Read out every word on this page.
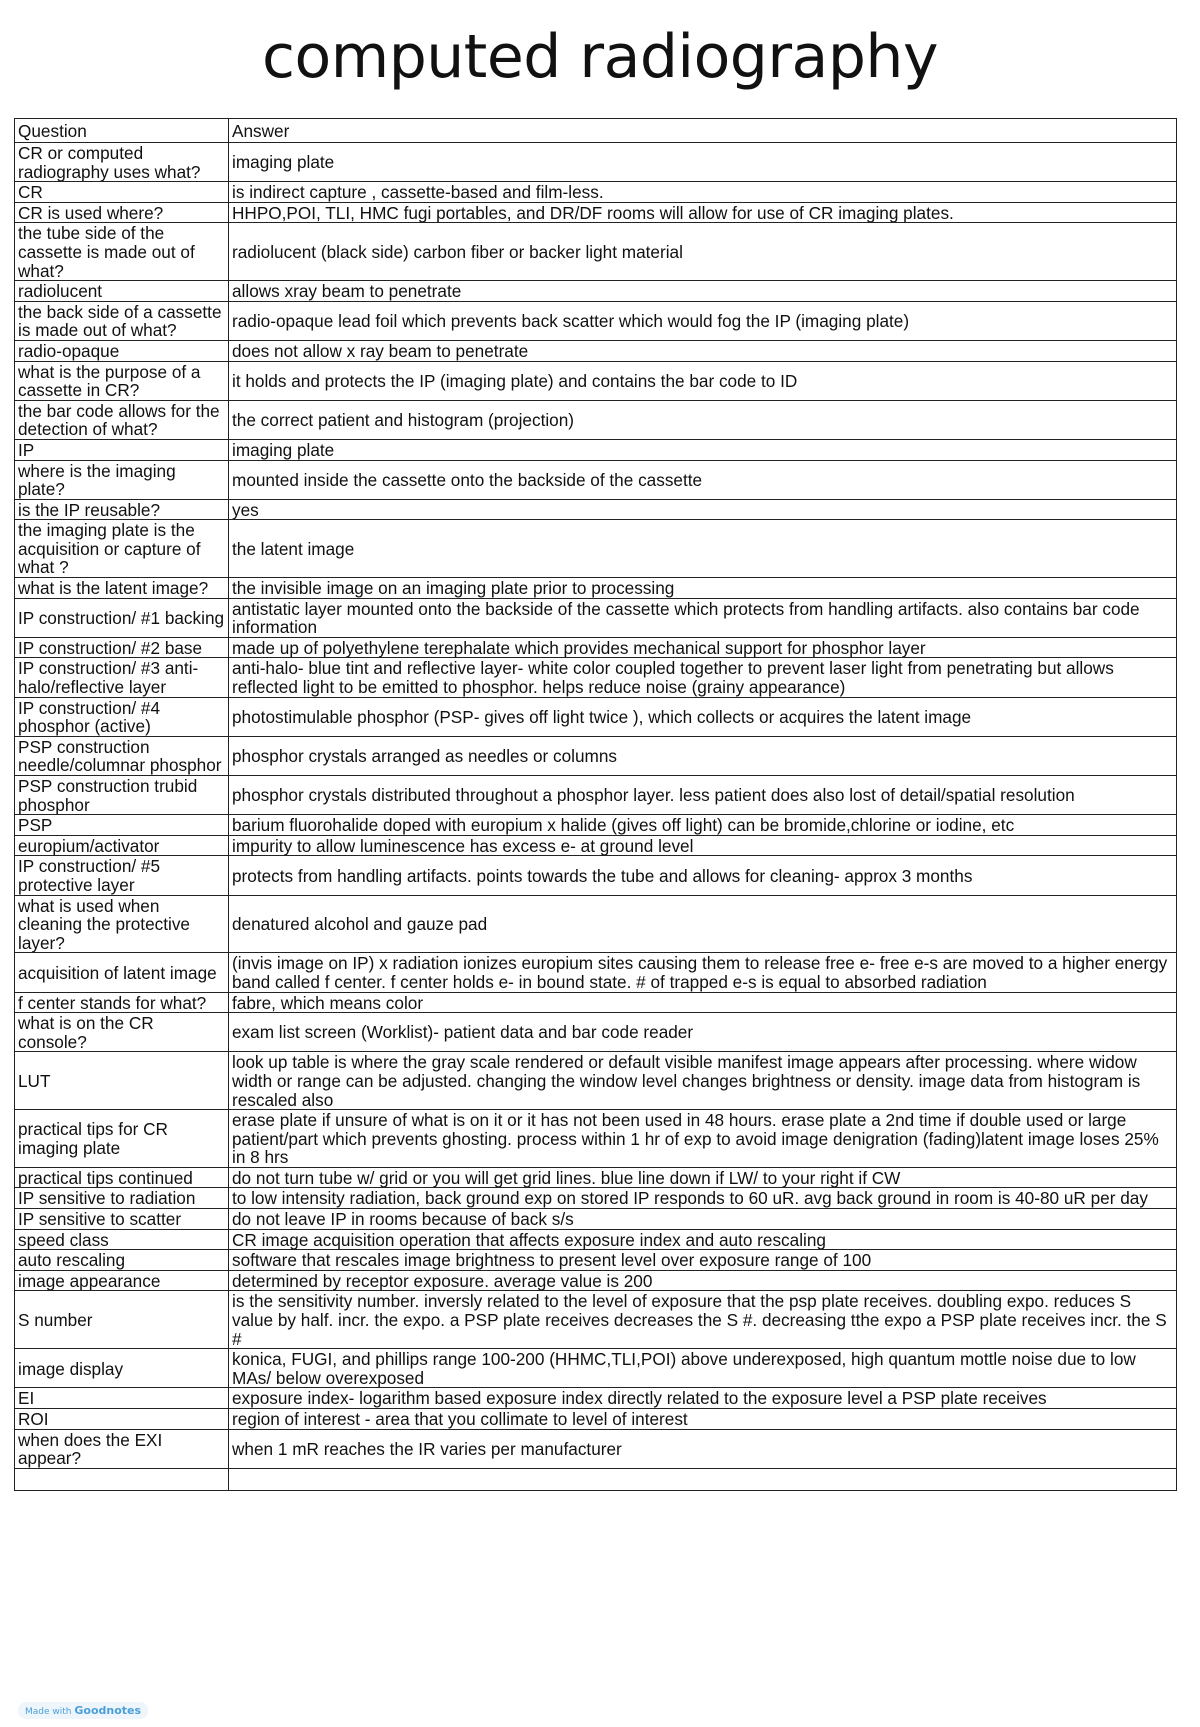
computed radiography
Question	Answer
CR or computed radiography uses what?	imaging plate
CR	is indirect capture , cassette-based and film-less.
CR is used where?	HHPO,POI, TLI, HMC fugi portables, and DR/DF rooms will allow for use of CR imaging plates.
the tube side of the cassette is made out of what?	radiolucent (black side) carbon fiber or backer light material
radiolucent	allows xray beam to penetrate
the back side of a cassette is made out of what?	radio-opaque lead foil which prevents back scatter which would fog the IP (imaging plate)
radio-opaque	does not allow x ray beam to penetrate
what is the purpose of a cassette in CR?	it holds and protects the IP (imaging plate) and contains the bar code to ID
the bar code allows for the detection of what?	the correct patient and histogram (projection)
IP	imaging plate
where is the imaging plate?	mounted inside the cassette onto the backside of the cassette
is the IP reusable?	yes
the imaging plate is the acquisition or capture of what ?	the latent image
what is the latent image?	the invisible image on an imaging plate prior to processing
IP construction/ #1 backing	antistatic layer mounted onto the backside of the cassette which protects from handling artifacts. also contains bar code information
IP construction/ #2 base	made up of polyethylene terephalate which provides mechanical support for phosphor layer
IP construction/ #3 anti-halo/reflective layer	anti-halo- blue tint and reflective layer- white color coupled together to prevent laser light from penetrating but allows reflected light to be emitted to phosphor. helps reduce noise (grainy appearance)
IP construction/ #4 phosphor (active)	photostimulable phosphor (PSP- gives off light twice ), which collects or acquires the latent image
PSP construction needle/columnar phosphor	phosphor crystals arranged as needles or columns
PSP construction trubid phosphor	phosphor crystals distributed throughout a phosphor layer. less patient does also lost of detail/spatial resolution
PSP	barium fluorohalide doped with europium x halide (gives off light) can be bromide,chlorine or iodine, etc
europium/activator	impurity to allow luminescence has excess e- at ground level
IP construction/ #5 protective layer	protects from handling artifacts. points towards the tube and allows for cleaning- approx 3 months
what is used when cleaning the protective layer?	denatured alcohol and gauze pad
acquisition of latent image	(invis image on IP) x radiation ionizes europium sites causing them to release free e- free e-s are moved to a higher energy band called f center. f center holds e- in bound state. # of trapped e-s is equal to absorbed radiation
f center stands for what?	fabre, which means color
what is on the CR console?	exam list screen (Worklist)- patient data and bar code reader
LUT	look up table is where the gray scale rendered or default visible manifest image appears after processing. where widow width or range can be adjusted. changing the window level changes brightness or density. image data from histogram is rescaled also
practical tips for CR imaging plate	erase plate if unsure of what is on it or it has not been used in 48 hours. erase plate a 2nd time if double used or large patient/part which prevents ghosting. process within 1 hr of exp to avoid image denigration (fading)latent image loses 25% in 8 hrs
practical tips continued	do not turn tube w/ grid or you will get grid lines. blue line down if LW/ to your right if CW
IP sensitive to radiation	to low intensity radiation, back ground exp on stored IP responds to 60 uR. avg back ground in room is 40-80 uR per day
IP sensitive to scatter	do not leave IP in rooms because of back s/s
speed class	CR image acquisition operation that affects exposure index and auto rescaling
auto rescaling	software that rescales image brightness to present level over exposure range of 100
image appearance	determined by receptor exposure. average value is 200
S number	is the sensitivity number. inversly related to the level of exposure that the psp plate receives. doubling expo. reduces S value by half. incr. the expo. a PSP plate receives decreases the S #. decreasing tthe expo a PSP plate receives incr. the S #
image display	konica, FUGI, and phillips range 100-200 (HHMC,TLI,POI) above underexposed, high quantum mottle noise due to low MAs/ below overexposed
EI	exposure index- logarithm based exposure index directly related to the exposure level a PSP plate receives
ROI	region of interest - area that you collimate to level of interest
when does the EXI appear?	when 1 mR reaches the IR varies per manufacturer

Made with Goodnotes
